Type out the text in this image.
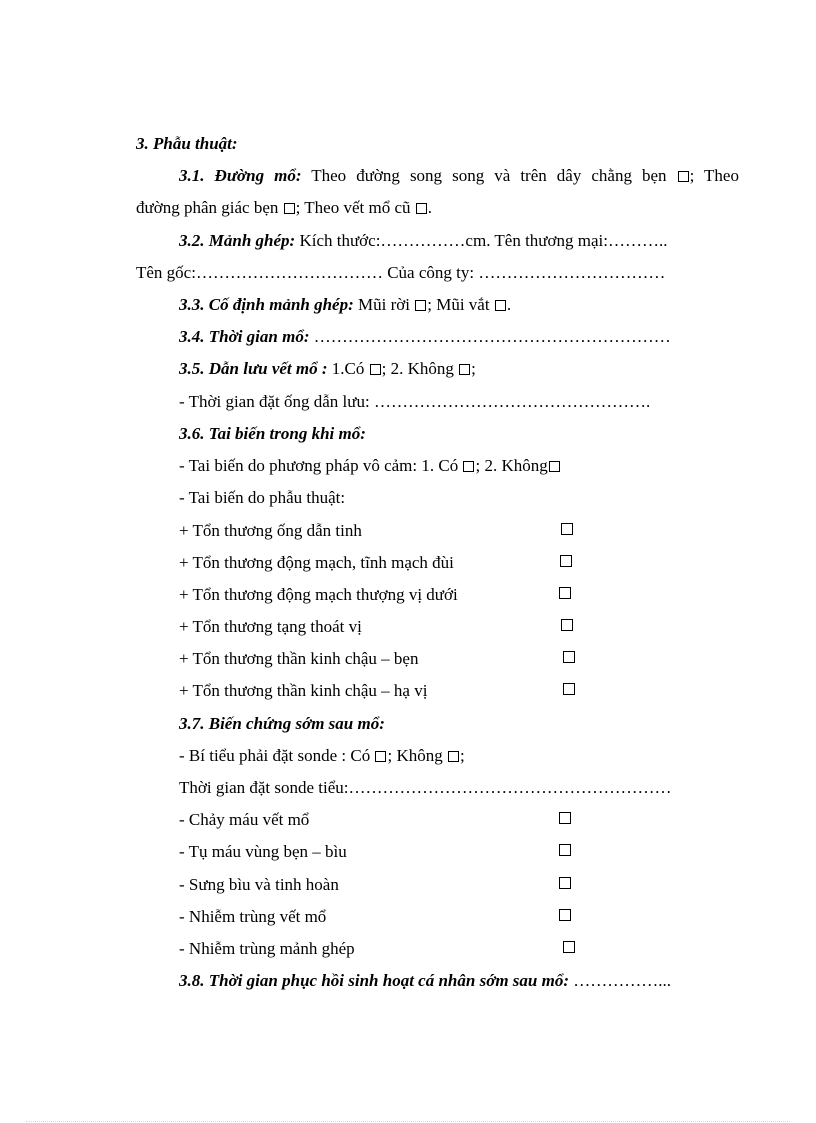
3. Phẫu thuật:
3.1. Đường mổ: Theo đường song song và trên dây chằng bẹn ; Theo
đường phân giác bẹn ; Theo vết mổ cũ .
3.2. Mảnh ghép: Kích thước:……………cm. Tên thương mại:………..
Tên gốc:…………………………… Của công ty: ……………………………
3.3. Cố định mảnh ghép: Mũi rời ; Mũi vắt .
3.4. Thời gian mổ: ………………………………………………………
3.5. Dẫn lưu vết mổ : 1.Có ; 2. Không ;
- Thời gian đặt ống dẫn lưu: ………………………………………….
3.6. Tai biến trong khi mổ:
- Tai biến do phương pháp vô cảm: 1. Có ; 2. Không
- Tai biến do phẫu thuật:
+ Tổn thương ống dẫn tinh
+ Tổn thương động mạch, tĩnh mạch đùi
+ Tổn thương động mạch thượng vị dưới
+ Tổn thương tạng thoát vị
+ Tổn thương thần kinh chậu – bẹn
+ Tổn thương thần kinh chậu – hạ vị
3.7. Biến chứng sớm sau mổ:
- Bí tiểu phải đặt sonde : Có ; Không ;
Thời gian đặt sonde tiểu:…………………………………………………
- Chảy máu vết mổ
- Tụ máu vùng bẹn – bìu
- Sưng bìu và tinh hoàn
- Nhiễm trùng vết mổ
- Nhiễm trùng mảnh ghép
3.8. Thời gian phục hồi sinh hoạt cá nhân sớm sau mổ: ……………...
